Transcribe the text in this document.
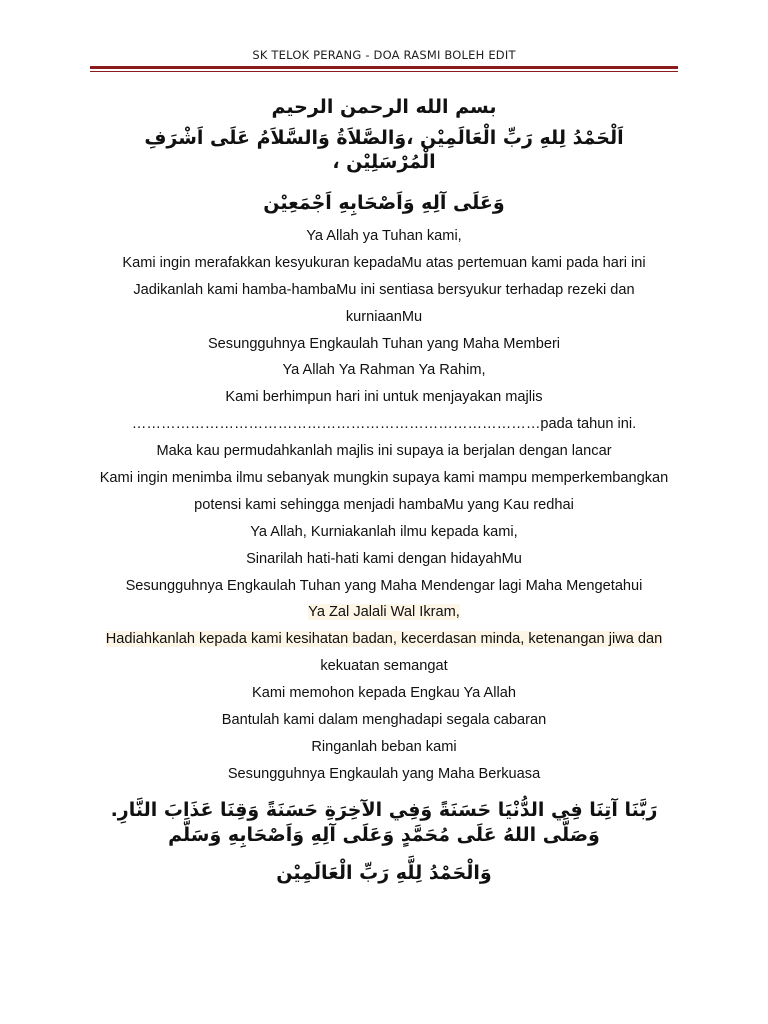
SK TELOK PERANG - DOA RASMI BOLEH EDIT
بسم الله الرحمن الرحيم
اَلْحَمْدُ لِلهِ رَبِّ الْعَالَمِيْن ،وَالصَّلاَةُ وَالسَّلاَمُ عَلَى اَشْرَفِ الْمُرْسَلِيْن ،
وَعَلَى آلِهِ وَاَصْحَابِهِ اَجْمَعِيْن
Ya Allah ya Tuhan kami,
Kami ingin merafakkan kesyukuran kepadaMu atas pertemuan kami pada hari ini
Jadikanlah kami hamba-hambaMu ini sentiasa bersyukur terhadap rezeki dan
kurniaanMu
Sesungguhnya Engkaulah Tuhan yang Maha Memberi
Ya Allah Ya Rahman Ya Rahim,
Kami berhimpun hari ini untuk menjayakan majlis
…………………………………………………………………………pada tahun ini.
Maka kau permudahkanlah majlis ini supaya ia berjalan dengan lancar
Kami ingin menimba ilmu sebanyak mungkin supaya kami mampu memperkembangkan
potensi kami sehingga menjadi hambaMu yang Kau redhai
Ya Allah, Kurniakanlah ilmu kepada kami,
Sinarilah hati-hati kami dengan hidayahMu
Sesungguhnya Engkaulah Tuhan yang Maha Mendengar lagi Maha Mengetahui
Ya Zal Jalali Wal Ikram,
Hadiahkanlah kepada kami kesihatan badan, kecerdasan minda, ketenangan jiwa dan
kekuatan semangat
Kami memohon kepada Engkau Ya Allah
Bantulah kami dalam menghadapi segala cabaran
Ringanlah beban kami
Sesungguhnya Engkaulah yang Maha Berkuasa
رَبَّنَا آتِنَا فِي الدُّنْيَا حَسَنَةً وَفِي الآخِرَةِ حَسَنَةً وَقِنَا عَذَابَ النَّارِ. وَصَلَّى اللهُ عَلَى مُحَمَّدٍ وَعَلَى آلِهِ وَاَصْحَابِهِ وَسَلَّم
وَالْحَمْدُ لِلَّهِ رَبِّ الْعَالَمِيْن
